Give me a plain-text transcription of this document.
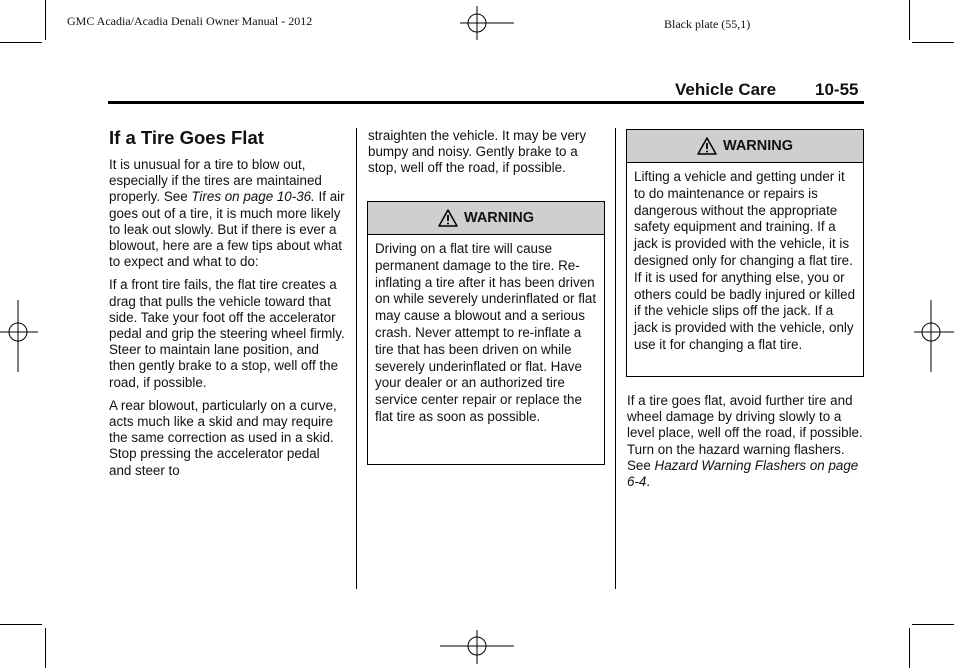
GMC Acadia/Acadia Denali Owner Manual - 2012	Black plate (55,1)
Vehicle Care 10-55
If a Tire Goes Flat

It is unusual for a tire to blow out, especially if the tires are maintained properly. See Tires on page 10-36. If air goes out of a tire, it is much more likely to leak out slowly. But if there is ever a blowout, here are a few tips about what to expect and what to do:

If a front tire fails, the flat tire creates a drag that pulls the vehicle toward that side. Take your foot off the accelerator pedal and grip the steering wheel firmly. Steer to maintain lane position, and then gently brake to a stop, well off the road, if possible.

A rear blowout, particularly on a curve, acts much like a skid and may require the same correction as used in a skid. Stop pressing the accelerator pedal and steer to

straighten the vehicle. It may be very bumpy and noisy. Gently brake to a stop, well off the road, if possible.

WARNING
Driving on a flat tire will cause permanent damage to the tire. Re-inflating a tire after it has been driven on while severely underinflated or flat may cause a blowout and a serious crash. Never attempt to re-inflate a tire that has been driven on while severely underinflated or flat. Have your dealer or an authorized tire service center repair or replace the flat tire as soon as possible.
WARNING
Lifting a vehicle and getting under it to do maintenance or repairs is dangerous without the appropriate safety equipment and training. If a jack is provided with the vehicle, it is designed only for changing a flat tire. If it is used for anything else, you or others could be badly injured or killed if the vehicle slips off the jack. If a jack is provided with the vehicle, only use it for changing a flat tire.

If a tire goes flat, avoid further tire and wheel damage by driving slowly to a level place, well off the road, if possible. Turn on the hazard warning flashers. See Hazard Warning Flashers on page 6-4.
